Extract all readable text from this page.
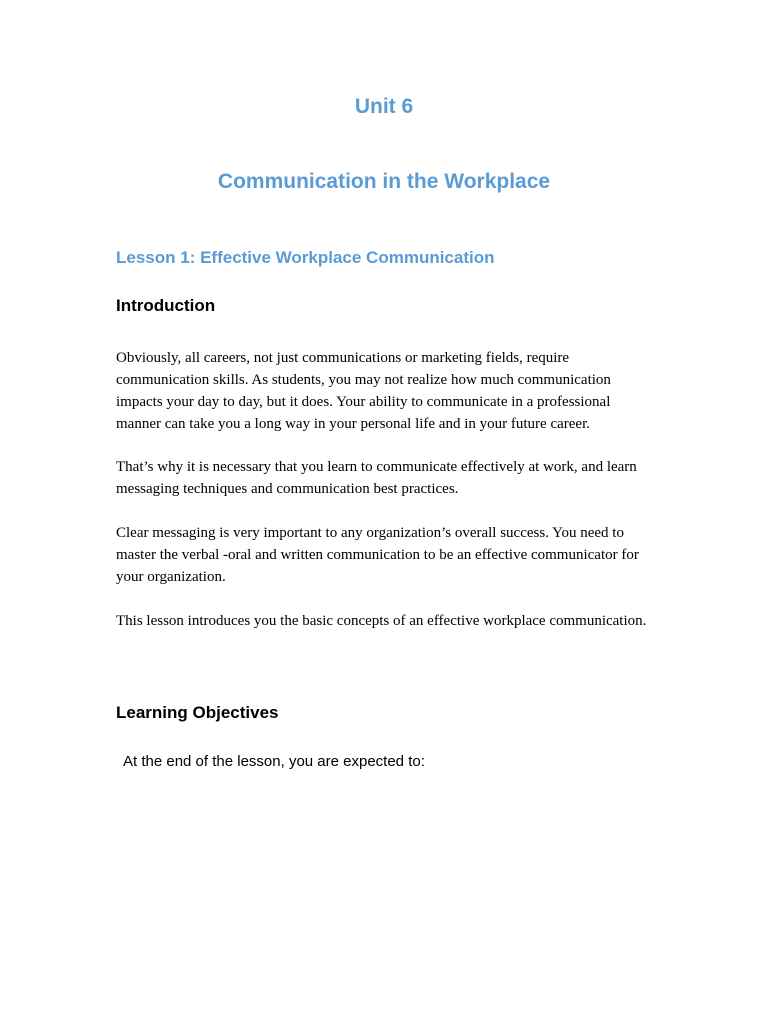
Unit 6
Communication in the Workplace
Lesson 1: Effective Workplace Communication
Introduction

Obviously, all careers, not just communications or marketing fields, require communication skills. As students, you may not realize how much communication impacts your day to day, but it does. Your ability to communicate in a professional manner can take you a long way in your personal life and in your future career.

That’s why it is necessary that you learn to communicate effectively at work, and learn messaging techniques and communication best practices.

Clear messaging is very important to any organization’s overall success. You need to master the verbal -oral and written communication to be an effective communicator for your organization.

This lesson introduces you the basic concepts of an effective workplace communication.

Learning Objectives

At the end of the lesson, you are expected to:
